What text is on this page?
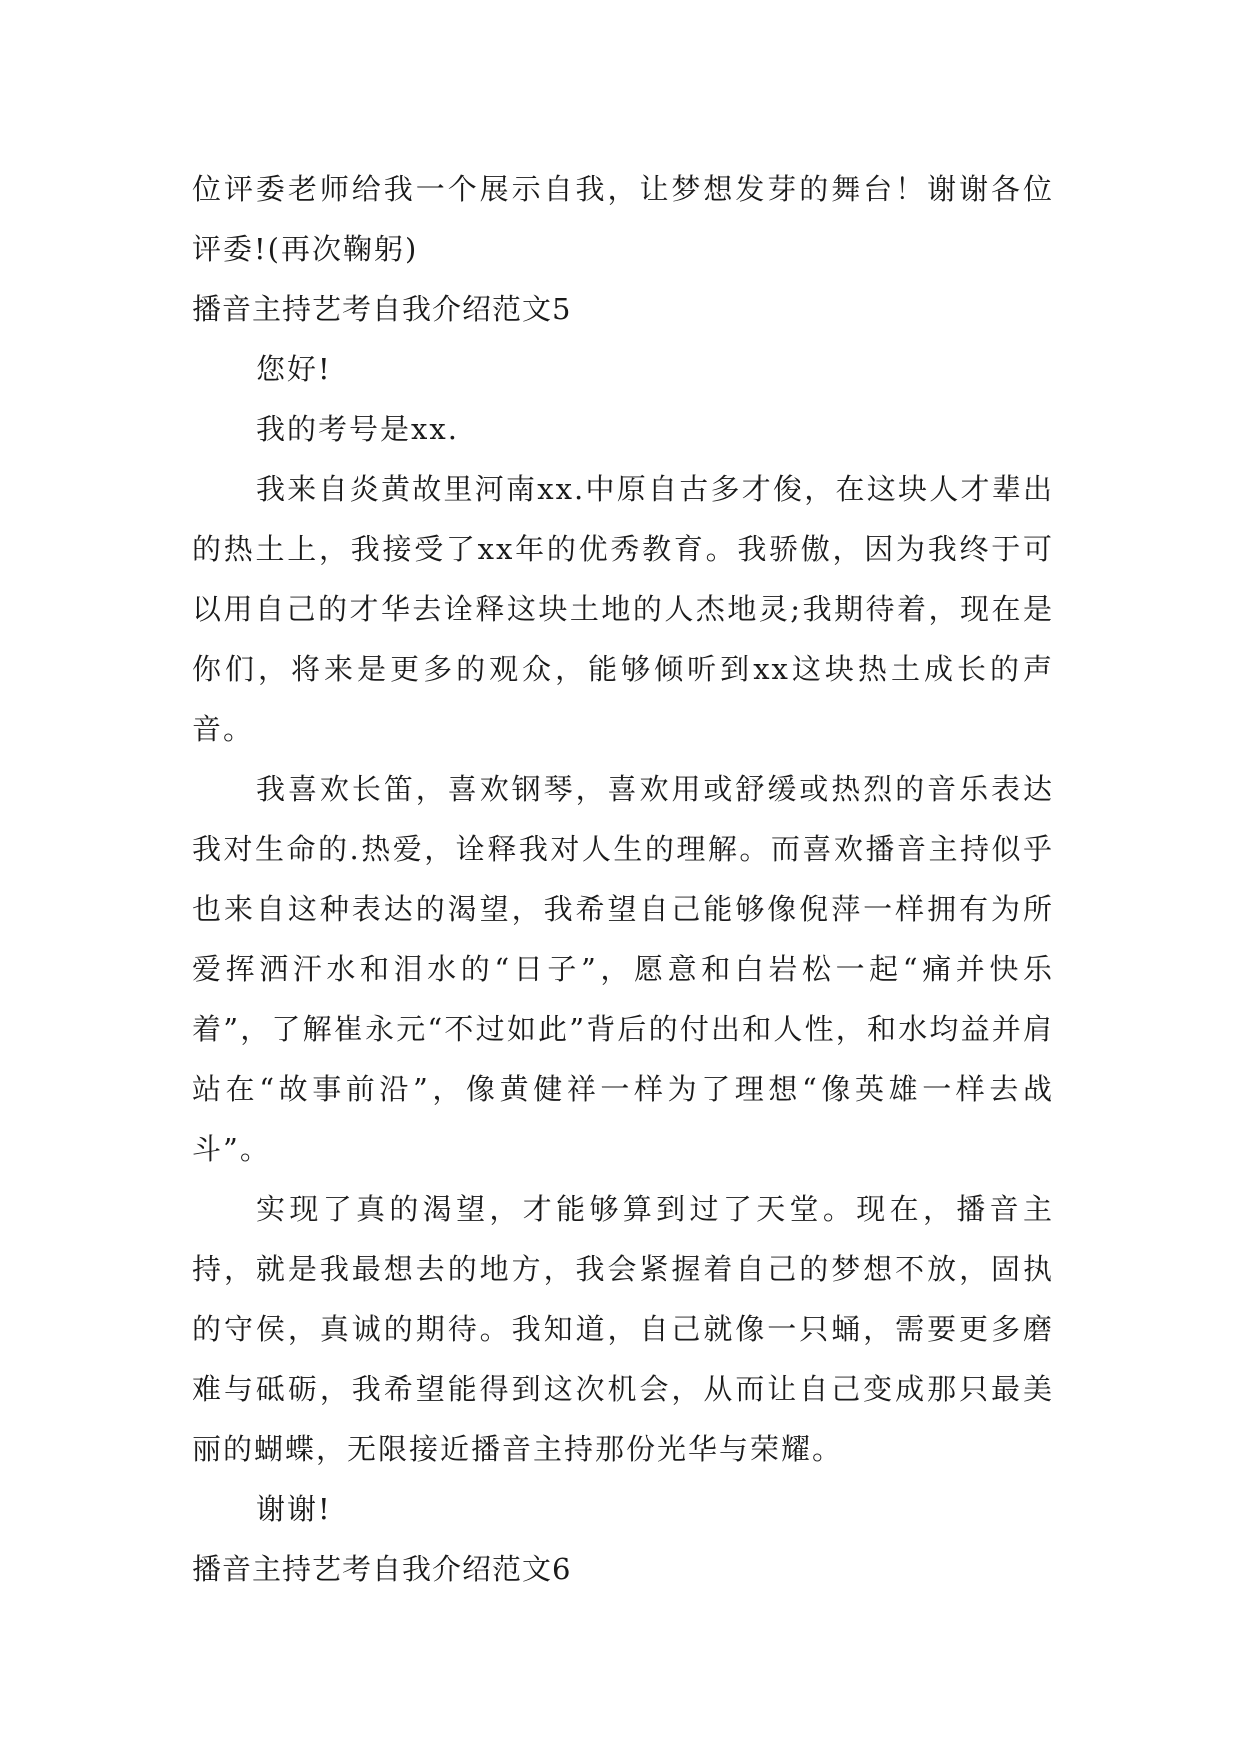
位评委老师给我一个展示自我，让梦想发芽的舞台！谢谢各位评委!(再次鞠躬)

播音主持艺考自我介绍范文5

您好!

我的考号是xx.

我来自炎黄故里河南xx.中原自古多才俊，在这块人才辈出的热土上，我接受了xx年的优秀教育。我骄傲，因为我终于可以用自己的才华去诠释这块土地的人杰地灵;我期待着，现在是你们，将来是更多的观众，能够倾听到xx这块热土成长的声音。

我喜欢长笛，喜欢钢琴，喜欢用或舒缓或热烈的音乐表达我对生命的.热爱，诠释我对人生的理解。而喜欢播音主持似乎也来自这种表达的渴望，我希望自己能够像倪萍一样拥有为所爱挥洒汗水和泪水的“日子”，愿意和白岩松一起“痛并快乐着”，了解崔永元“不过如此”背后的付出和人性，和水均益并肩站在“故事前沿”，像黄健祥一样为了理想“像英雄一样去战斗”。

实现了真的渴望，才能够算到过了天堂。现在，播音主持，就是我最想去的地方，我会紧握着自己的梦想不放，固执的守侯，真诚的期待。我知道，自己就像一只蛹，需要更多磨难与砥砺，我希望能得到这次机会，从而让自己变成那只最美丽的蝴蝶，无限接近播音主持那份光华与荣耀。

谢谢!

播音主持艺考自我介绍范文6
